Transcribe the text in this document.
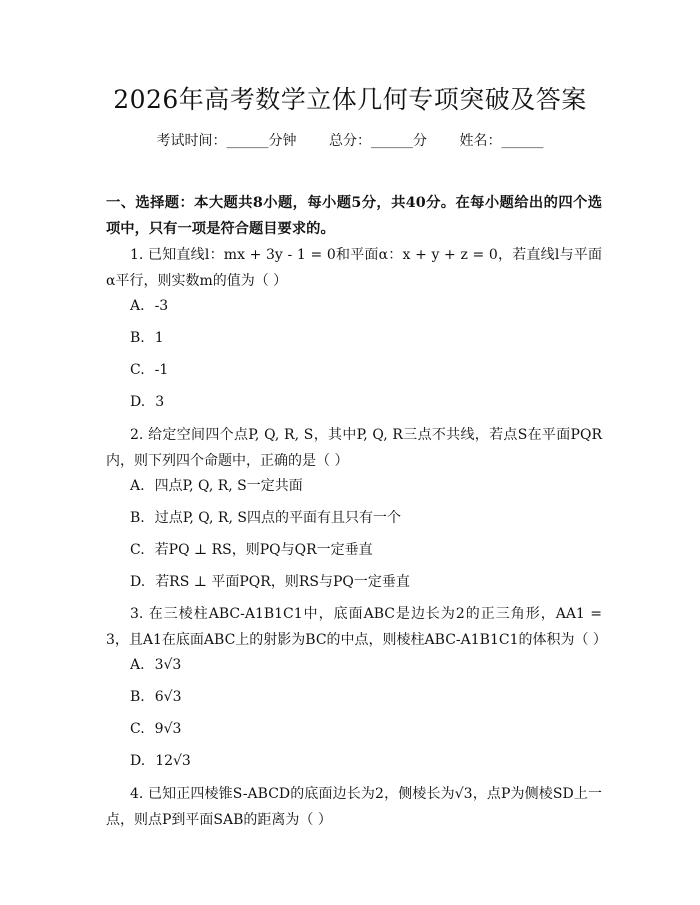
2026年高考数学立体几何专项突破及答案
考试时间：______分钟 总分：______分 姓名：______
一、选择题：本大题共8小题，每小题5分，共40分。在每小题给出的四个选项中，只有一项是符合题目要求的。
1. 已知直线l：mx + 3y - 1 = 0和平面α：x + y + z = 0，若直线l与平面α平行，则实数m的值为（ ）
A. -3
B. 1
C. -1
D. 3
2. 给定空间四个点P, Q, R, S，其中P, Q, R三点不共线，若点S在平面PQR内，则下列四个命题中，正确的是（ ）
A. 四点P, Q, R, S一定共面
B. 过点P, Q, R, S四点的平面有且只有一个
C. 若PQ ⊥ RS，则PQ与QR一定垂直
D. 若RS ⊥ 平面PQR，则RS与PQ一定垂直
3. 在三棱柱ABC-A1B1C1中，底面ABC是边长为2的正三角形，AA1 = 3，且A1在底面ABC上的射影为BC的中点，则棱柱ABC-A1B1C1的体积为（ ）
A. 3√3
B. 6√3
C. 9√3
D. 12√3
4. 已知正四棱锥S-ABCD的底面边长为2，侧棱长为√3，点P为侧棱SD上一点，则点P到平面SAB的距离为（ ）
